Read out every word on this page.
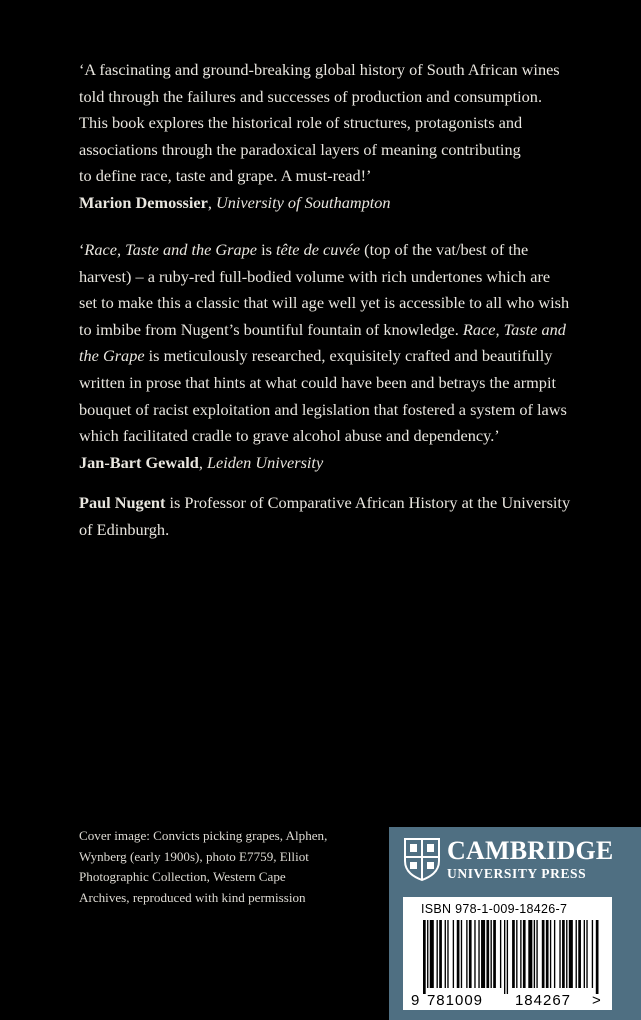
‘A fascinating and ground-breaking global history of South African wines
told through the failures and successes of production and consumption.
This book explores the historical role of structures, protagonists and
associations through the paradoxical layers of meaning contributing
to define race, taste and grape. A must-read!’
Marion Demossier, University of Southampton
‘Race, Taste and the Grape is tête de cuvée (top of the vat/best of the
harvest) – a ruby-red full-bodied volume with rich undertones which are
set to make this a classic that will age well yet is accessible to all who wish
to imbibe from Nugent’s bountiful fountain of knowledge. Race, Taste and
the Grape is meticulously researched, exquisitely crafted and beautifully
written in prose that hints at what could have been and betrays the armpit
bouquet of racist exploitation and legislation that fostered a system of laws
which facilitated cradle to grave alcohol abuse and dependency.’
Jan-Bart Gewald, Leiden University
Paul Nugent is Professor of Comparative African History at the University
of Edinburgh.
Cover image: Convicts picking grapes, Alphen,
Wynberg (early 1900s), photo E7759, Elliot
Photographic Collection, Western Cape
Archives, reproduced with kind permission
CAMBRIDGE
UNIVERSITY PRESS
ISBN 978-1-009-18426-7
9 781009 184267 >
